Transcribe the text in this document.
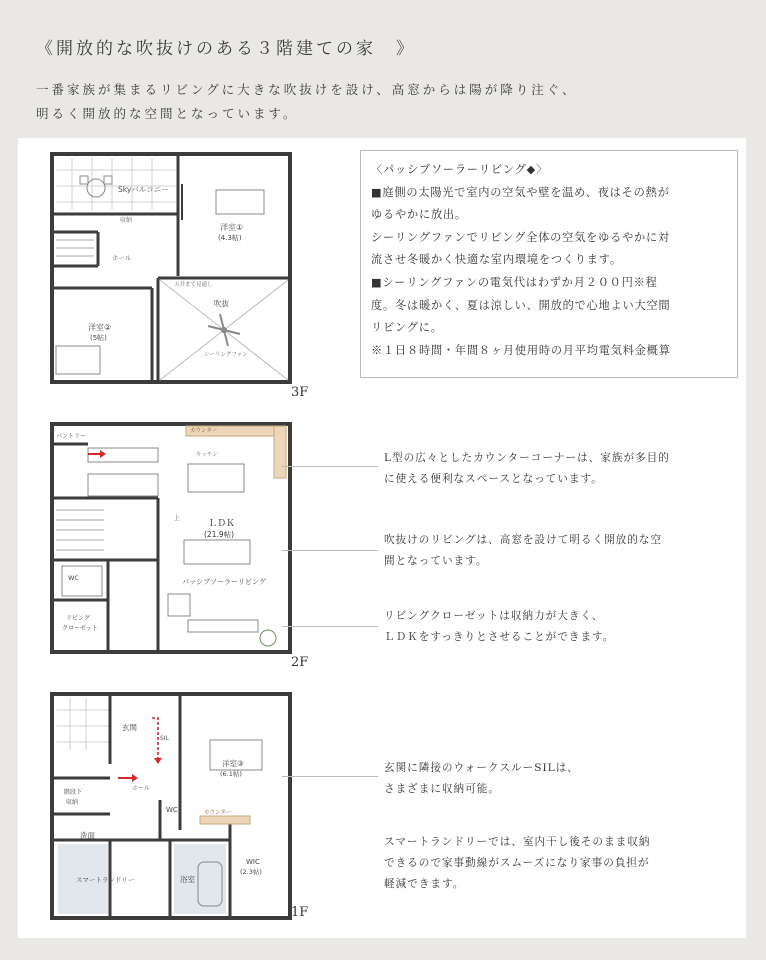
《開放的な吹抜けのある３階建ての家　》
一番家族が集まるリビングに大きな吹抜けを設け、高窓からは陽が降り注ぐ、
明るく開放的な空間となっています。
Skyバルコニー
洋室①
(4.3帖)
洋室②
(5帖)
ホール
吹抜
シーリングファン
天井まで見通し
収納
3F
カウンター
パントリー
キッチン
ＬＤＫ
(21.9帖)
パッシブソーラーリビング
リビング
クローゼット
WC
上
2F
玄関
洋室③
(6.1帖)
WIC
(2.3帖)
洗面
スマートランドリー	浴室
WC
ホール
SIL
階段下
収納
カウンター
1F
〈パッシブソーラーリビング◆〉
■庭側の太陽光で室内の空気や壁を温め、夜はその熱が
ゆるやかに放出。
シーリングファンでリビング全体の空気をゆるやかに対
流させ冬暖かく快適な室内環境をつくります。
■シーリングファンの電気代はわずか月２００円※程
度。冬は暖かく、夏は涼しい、開放的で心地よい大空間
リビングに。
※１日８時間・年間８ヶ月使用時の月平均電気料金概算
L型の広々としたカウンターコーナーは、家族が多目的
に使える便利なスペースとなっています。
吹抜けのリビングは、高窓を設けて明るく開放的な空
間となっています。
リビングクローゼットは収納力が大きく、
ＬＤＫをすっきりとさせることができます。
玄関に隣接のウォークスルーSILは、
さまざまに収納可能。
スマートランドリーでは、室内干し後そのまま収納
できるので家事動線がスムーズになり家事の負担が
軽減できます。
